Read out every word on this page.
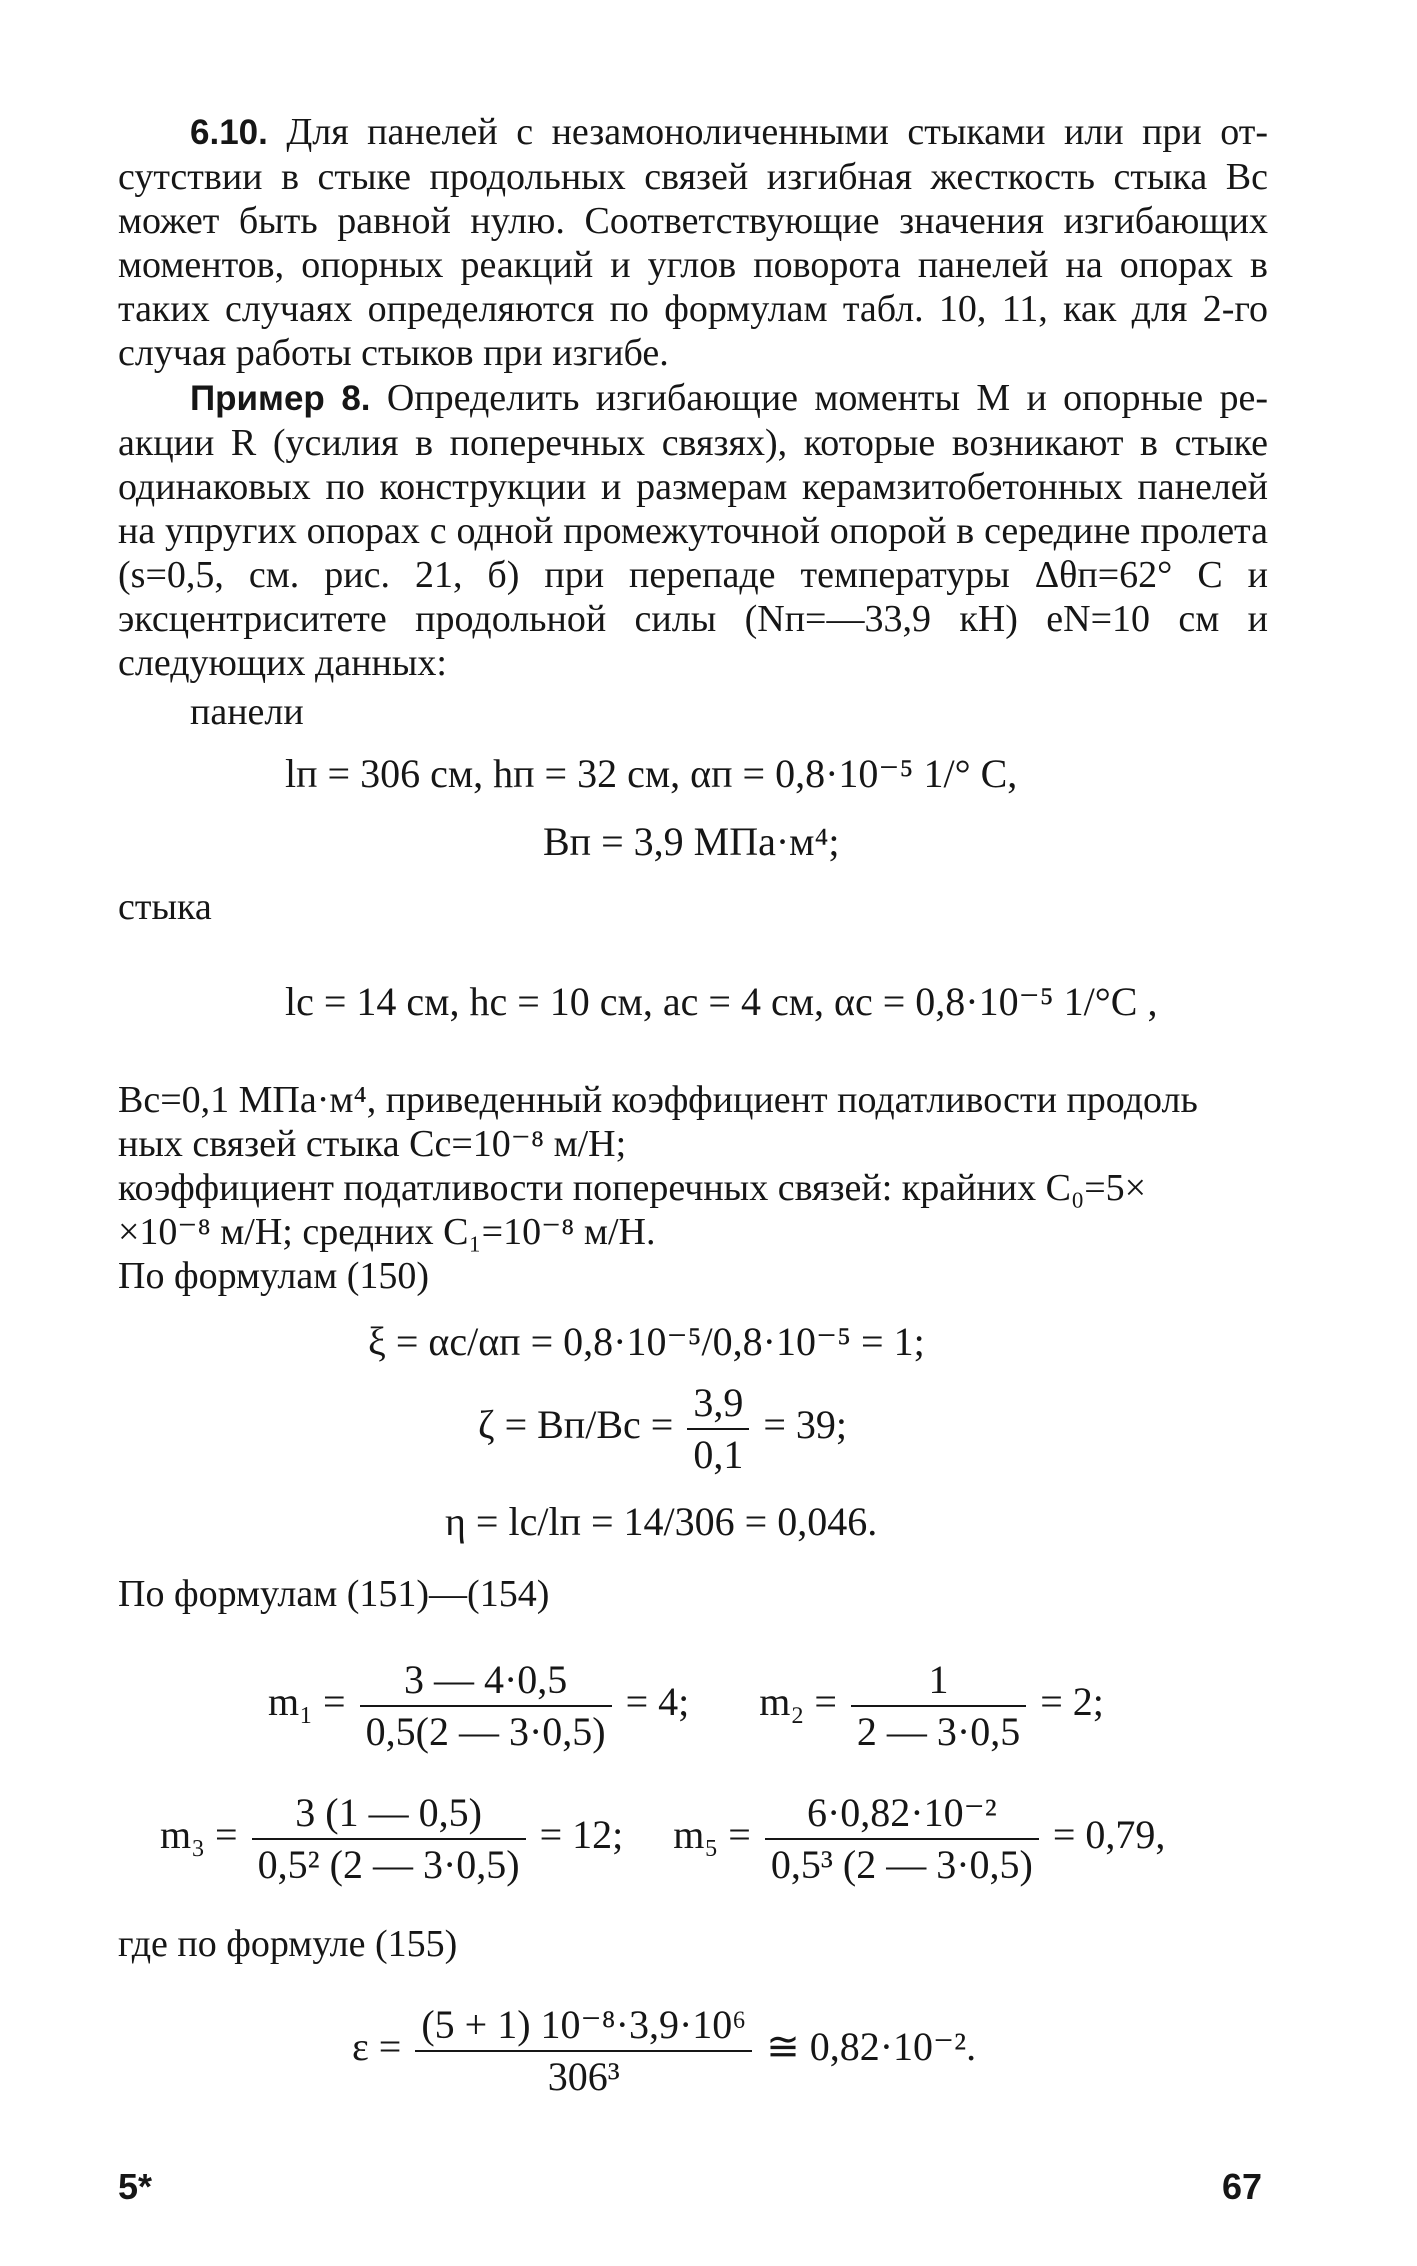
6.10. Для панелей с незамоноличенными стыками или при отсутствии в стыке продольных связей изгибная жесткость стыка Bс может быть равной нулю. Соответствующие значения изгибающих моментов, опорных реакций и углов поворота панелей на опорах в таких случаях определяются по формулам табл. 10, 11, как для 2-го случая работы стыков при изгибе.

Пример 8. Определить изгибающие моменты M и опорные реакции R (усилия в поперечных связях), которые возникают в стыке одинаковых по конструкции и размерам керамзитобетонных панелей на упругих опорах с одной промежуточной опорой в середине пролета (s=0,5, см. рис. 21, б) при перепаде температуры Δθп=62° С и эксцентриситете продольной силы (Nп=—33,9 кН) eN=10 см и следующих данных:

панели
lп = 306 см, hп = 32 см, αп = 0,8·10⁻⁵ 1/° С,
Bп = 3,9 МПа·м⁴;
стыка
lс = 14 см, hс = 10 см, aс = 4 см, αс = 0,8·10⁻⁵ 1/°С ,
Bс=0,1 МПа·м⁴, приведенный коэффициент податливости продоль
ных связей стыка Cс=10⁻⁸ м/Н;
коэффициент податливости поперечных связей: крайних C₀=5×
×10⁻⁸ м/Н; средних C₁=10⁻⁸ м/Н.
По формулам (150)
ξ = αс/αп = 0,8·10⁻⁵/0,8·10⁻⁵ = 1;
$\zeta = Bп/Bс = \frac{3,9}{0,1} = 39$;
η = lс/lп = 14/306 = 0,046.
По формулам (151)—(154)
$m_1 = \frac{3 — 4\cdot 0,5}{0,5(2 — 3\cdot 0,5)} = 4$; $m_2 = \frac{1}{2 — 3\cdot 0,5} = 2$;
$m_3 = \frac{3 (1 — 0,5)}{\text{0,5² (2 — 3·0,5)}} = 12$; $m_5 = \frac{\text{6·0,82·10⁻²}}{\text{0,5³ (2 — 3·0,5)}} = 0,79$,
где по формуле (155)
$\varepsilon = \frac{\text{(5 + 1) 10⁻⁸·3,9·10⁶}}{\text{306³}}$ ≅ 0,82·10⁻².
5*	67
